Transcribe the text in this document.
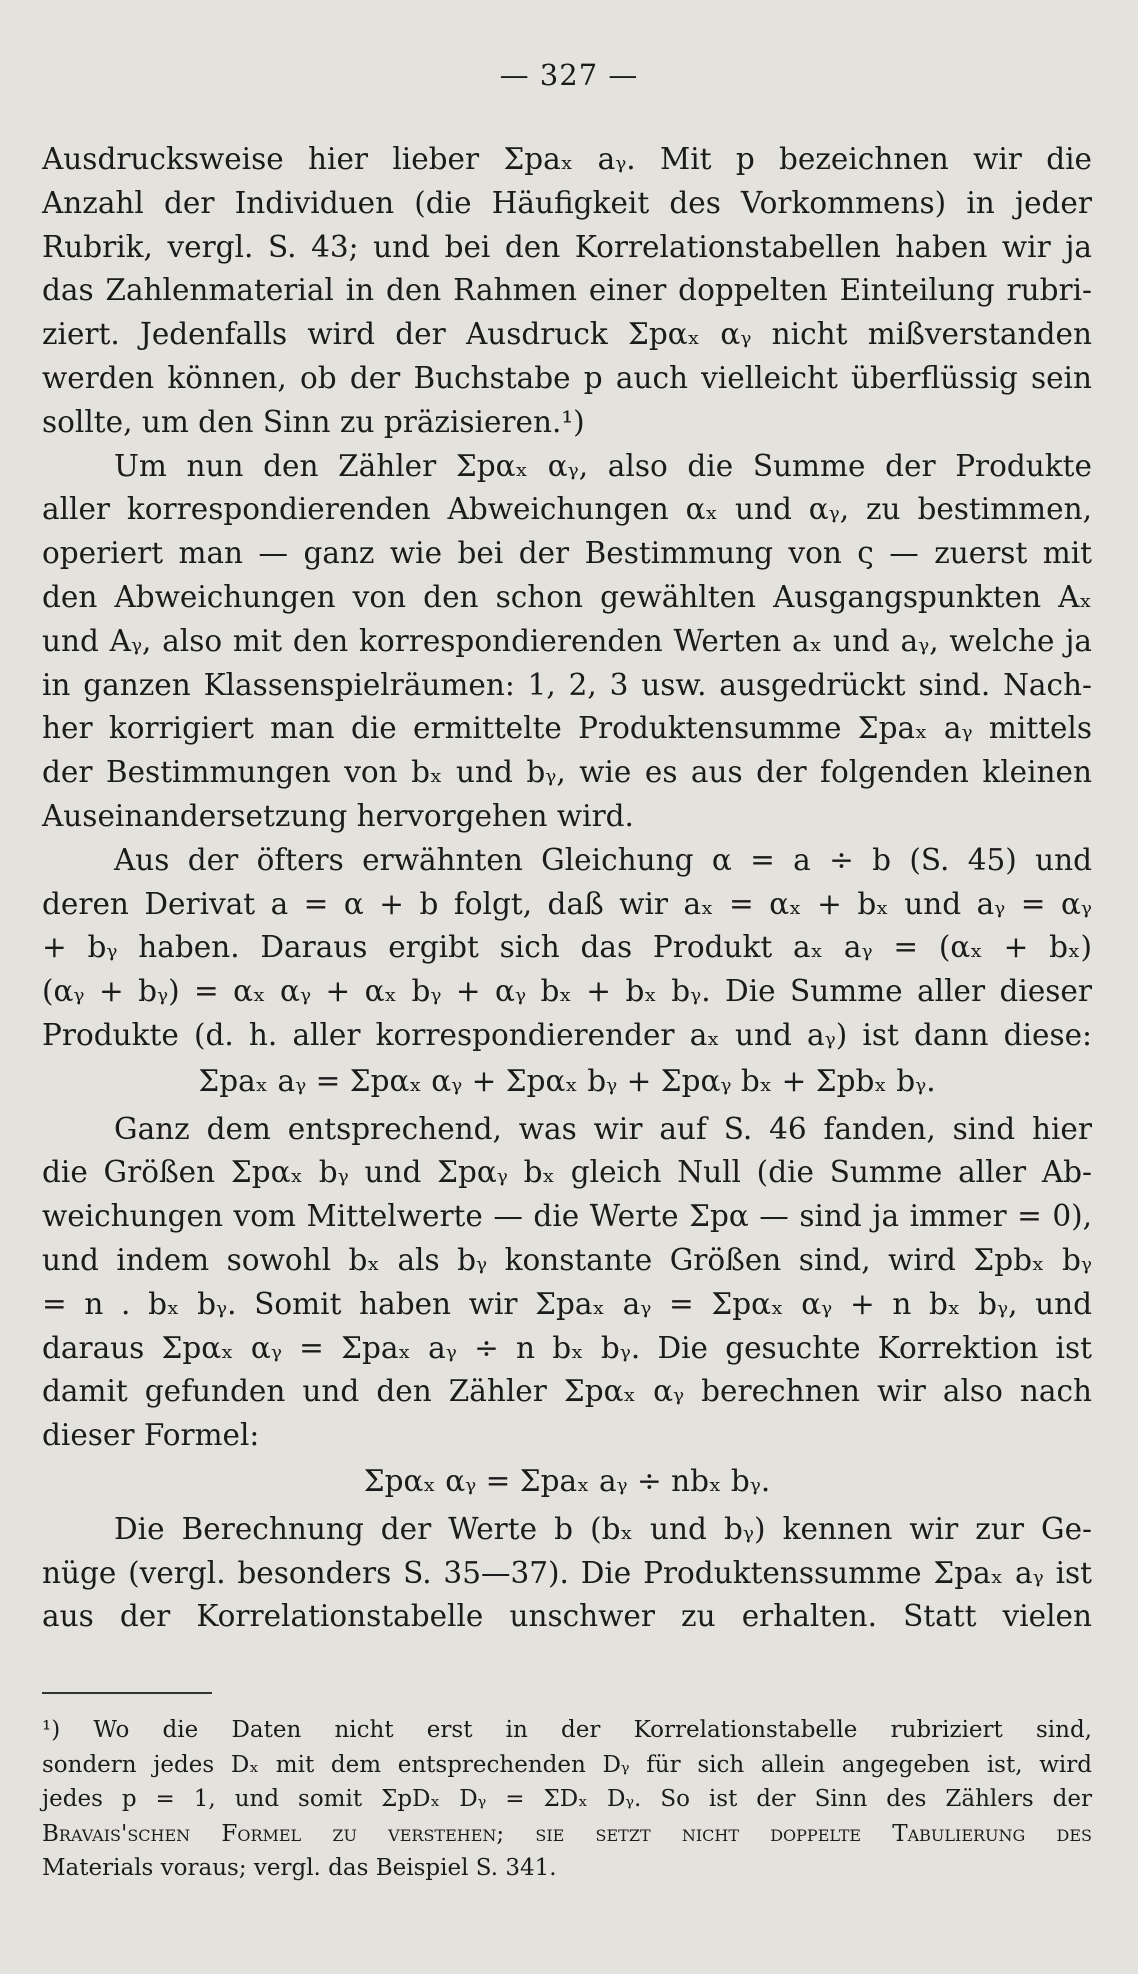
— 327 —
Ausdrucksweise hier lieber Σpaₓ aᵧ. Mit p bezeichnen wir die
Anzahl der Individuen (die Häufigkeit des Vorkommens) in jeder
Rubrik, vergl. S. 43; und bei den Korrelationstabellen haben wir ja
das Zahlenmaterial in den Rahmen einer doppelten Einteilung rubri-
ziert. Jedenfalls wird der Ausdruck Σpαₓ αᵧ nicht mißverstanden
werden können, ob der Buchstabe p auch vielleicht überflüssig sein
sollte, um den Sinn zu präzisieren.¹)
Um nun den Zähler Σpαₓ αᵧ, also die Summe der Produkte
aller korrespondierenden Abweichungen αₓ und αᵧ, zu bestimmen,
operiert man — ganz wie bei der Bestimmung von ς — zuerst mit
den Abweichungen von den schon gewählten Ausgangspunkten Aₓ
und Aᵧ, also mit den korrespondierenden Werten aₓ und aᵧ, welche ja
in ganzen Klassenspielräumen: 1, 2, 3 usw. ausgedrückt sind. Nach-
her korrigiert man die ermittelte Produktensumme Σpaₓ aᵧ mittels
der Bestimmungen von bₓ und bᵧ, wie es aus der folgenden kleinen
Auseinandersetzung hervorgehen wird.
Aus der öfters erwähnten Gleichung α = a ÷ b (S. 45) und
deren Derivat a = α + b folgt, daß wir aₓ = αₓ + bₓ und aᵧ = αᵧ
+ bᵧ haben. Daraus ergibt sich das Produkt aₓ aᵧ = (αₓ + bₓ)
(αᵧ + bᵧ) = αₓ αᵧ + αₓ bᵧ + αᵧ bₓ + bₓ bᵧ. Die Summe aller dieser
Produkte (d. h. aller korrespondierender aₓ und aᵧ) ist dann diese:
Σpaₓ aᵧ = Σpαₓ αᵧ + Σpαₓ bᵧ + Σpαᵧ bₓ + Σpbₓ bᵧ.
Ganz dem entsprechend, was wir auf S. 46 fanden, sind hier
die Größen Σpαₓ bᵧ und Σpαᵧ bₓ gleich Null (die Summe aller Ab-
weichungen vom Mittelwerte — die Werte Σpα — sind ja immer = 0),
und indem sowohl bₓ als bᵧ konstante Größen sind, wird Σpbₓ bᵧ
= n . bₓ bᵧ. Somit haben wir Σpaₓ aᵧ = Σpαₓ αᵧ + n bₓ bᵧ, und
daraus Σpαₓ αᵧ = Σpaₓ aᵧ ÷ n bₓ bᵧ. Die gesuchte Korrektion ist
damit gefunden und den Zähler Σpαₓ αᵧ berechnen wir also nach
dieser Formel:
Σpαₓ αᵧ = Σpaₓ aᵧ ÷ nbₓ bᵧ.
Die Berechnung der Werte b (bₓ und bᵧ) kennen wir zur Ge-
nüge (vergl. besonders S. 35—37). Die Produktenssumme Σpaₓ aᵧ ist
aus der Korrelationstabelle unschwer zu erhalten. Statt vielen
¹) Wo die Daten nicht erst in der Korrelationstabelle rubriziert sind,
sondern jedes Dₓ mit dem entsprechenden Dᵧ für sich allein angegeben ist, wird
jedes p = 1, und somit ΣpDₓ Dᵧ = ΣDₓ Dᵧ. So ist der Sinn des Zählers der
Bravais'schen Formel zu verstehen; sie setzt nicht doppelte Tabulierung des
Materials voraus; vergl. das Beispiel S. 341.
